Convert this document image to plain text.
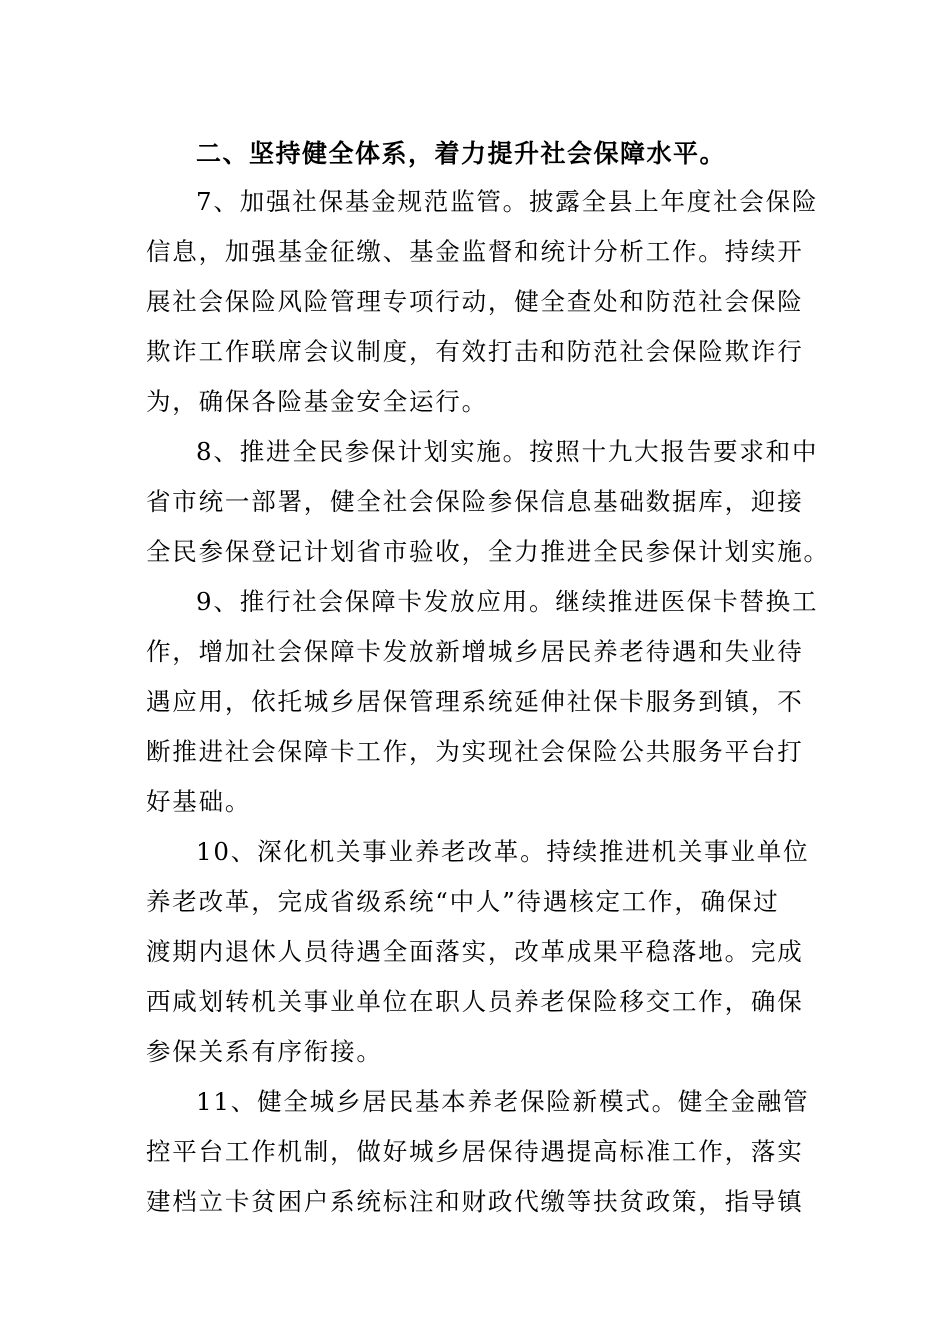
二、坚持健全体系，着力提升社会保障水平。
7、加强社保基金规范监管。披露全县上年度社会保险
信息，加强基金征缴、基金监督和统计分析工作。持续开
展社会保险风险管理专项行动，健全查处和防范社会保险
欺诈工作联席会议制度，有效打击和防范社会保险欺诈行
为，确保各险基金安全运行。
8、推进全民参保计划实施。按照十九大报告要求和中
省市统一部署，健全社会保险参保信息基础数据库，迎接
全民参保登记计划省市验收，全力推进全民参保计划实施。
9、推行社会保障卡发放应用。继续推进医保卡替换工
作，增加社会保障卡发放新增城乡居民养老待遇和失业待
遇应用，依托城乡居保管理系统延伸社保卡服务到镇，不
断推进社会保障卡工作，为实现社会保险公共服务平台打
好基础。
10、深化机关事业养老改革。持续推进机关事业单位
养老改革，完成省级系统“中人”待遇核定工作，确保过
渡期内退休人员待遇全面落实，改革成果平稳落地。完成
西咸划转机关事业单位在职人员养老保险移交工作，确保
参保关系有序衔接。
11、健全城乡居民基本养老保险新模式。健全金融管
控平台工作机制，做好城乡居保待遇提高标准工作，落实
建档立卡贫困户系统标注和财政代缴等扶贫政策，指导镇
